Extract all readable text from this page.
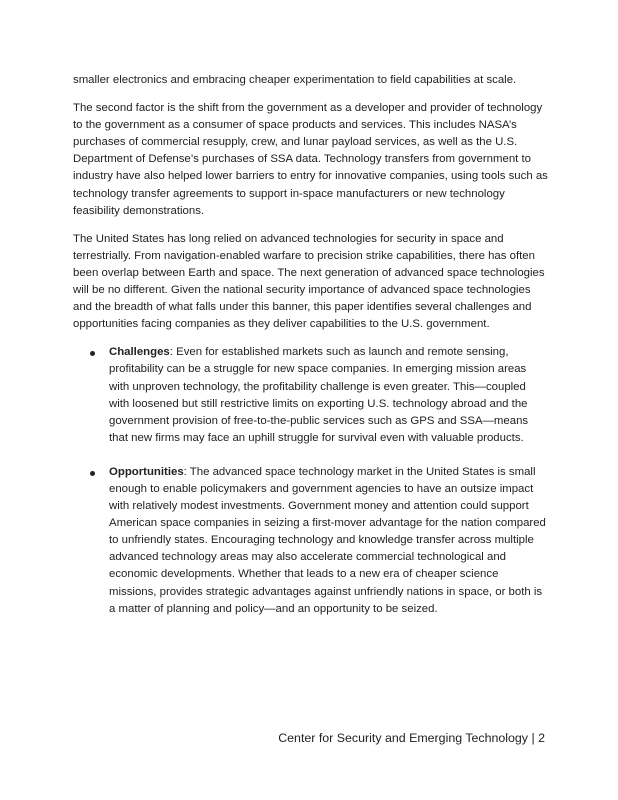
smaller electronics and embracing cheaper experimentation to field capabilities at scale.

The second factor is the shift from the government as a developer and provider of technology to the government as a consumer of space products and services. This includes NASA’s purchases of commercial resupply, crew, and lunar payload services, as well as the U.S. Department of Defense’s purchases of SSA data. Technology transfers from government to industry have also helped lower barriers to entry for innovative companies, using tools such as technology transfer agreements to support in-space manufacturers or new technology feasibility demonstrations.

The United States has long relied on advanced technologies for security in space and terrestrially. From navigation-enabled warfare to precision strike capabilities, there has often been overlap between Earth and space. The next generation of advanced space technologies will be no different. Given the national security importance of advanced space technologies and the breadth of what falls under this banner, this paper identifies several challenges and opportunities facing companies as they deliver capabilities to the U.S. government.

Challenges: Even for established markets such as launch and remote sensing, profitability can be a struggle for new space companies. In emerging mission areas with unproven technology, the profitability challenge is even greater. This—coupled with loosened but still restrictive limits on exporting U.S. technology abroad and the government provision of free-to-the-public services such as GPS and SSA—means that new firms may face an uphill struggle for survival even with valuable products.
Opportunities: The advanced space technology market in the United States is small enough to enable policymakers and government agencies to have an outsize impact with relatively modest investments. Government money and attention could support American space companies in seizing a first-mover advantage for the nation compared to unfriendly states. Encouraging technology and knowledge transfer across multiple advanced technology areas may also accelerate commercial technological and economic developments. Whether that leads to a new era of cheaper science missions, provides strategic advantages against unfriendly nations in space, or both is a matter of planning and policy—and an opportunity to be seized.
Center for Security and Emerging Technology | 2
